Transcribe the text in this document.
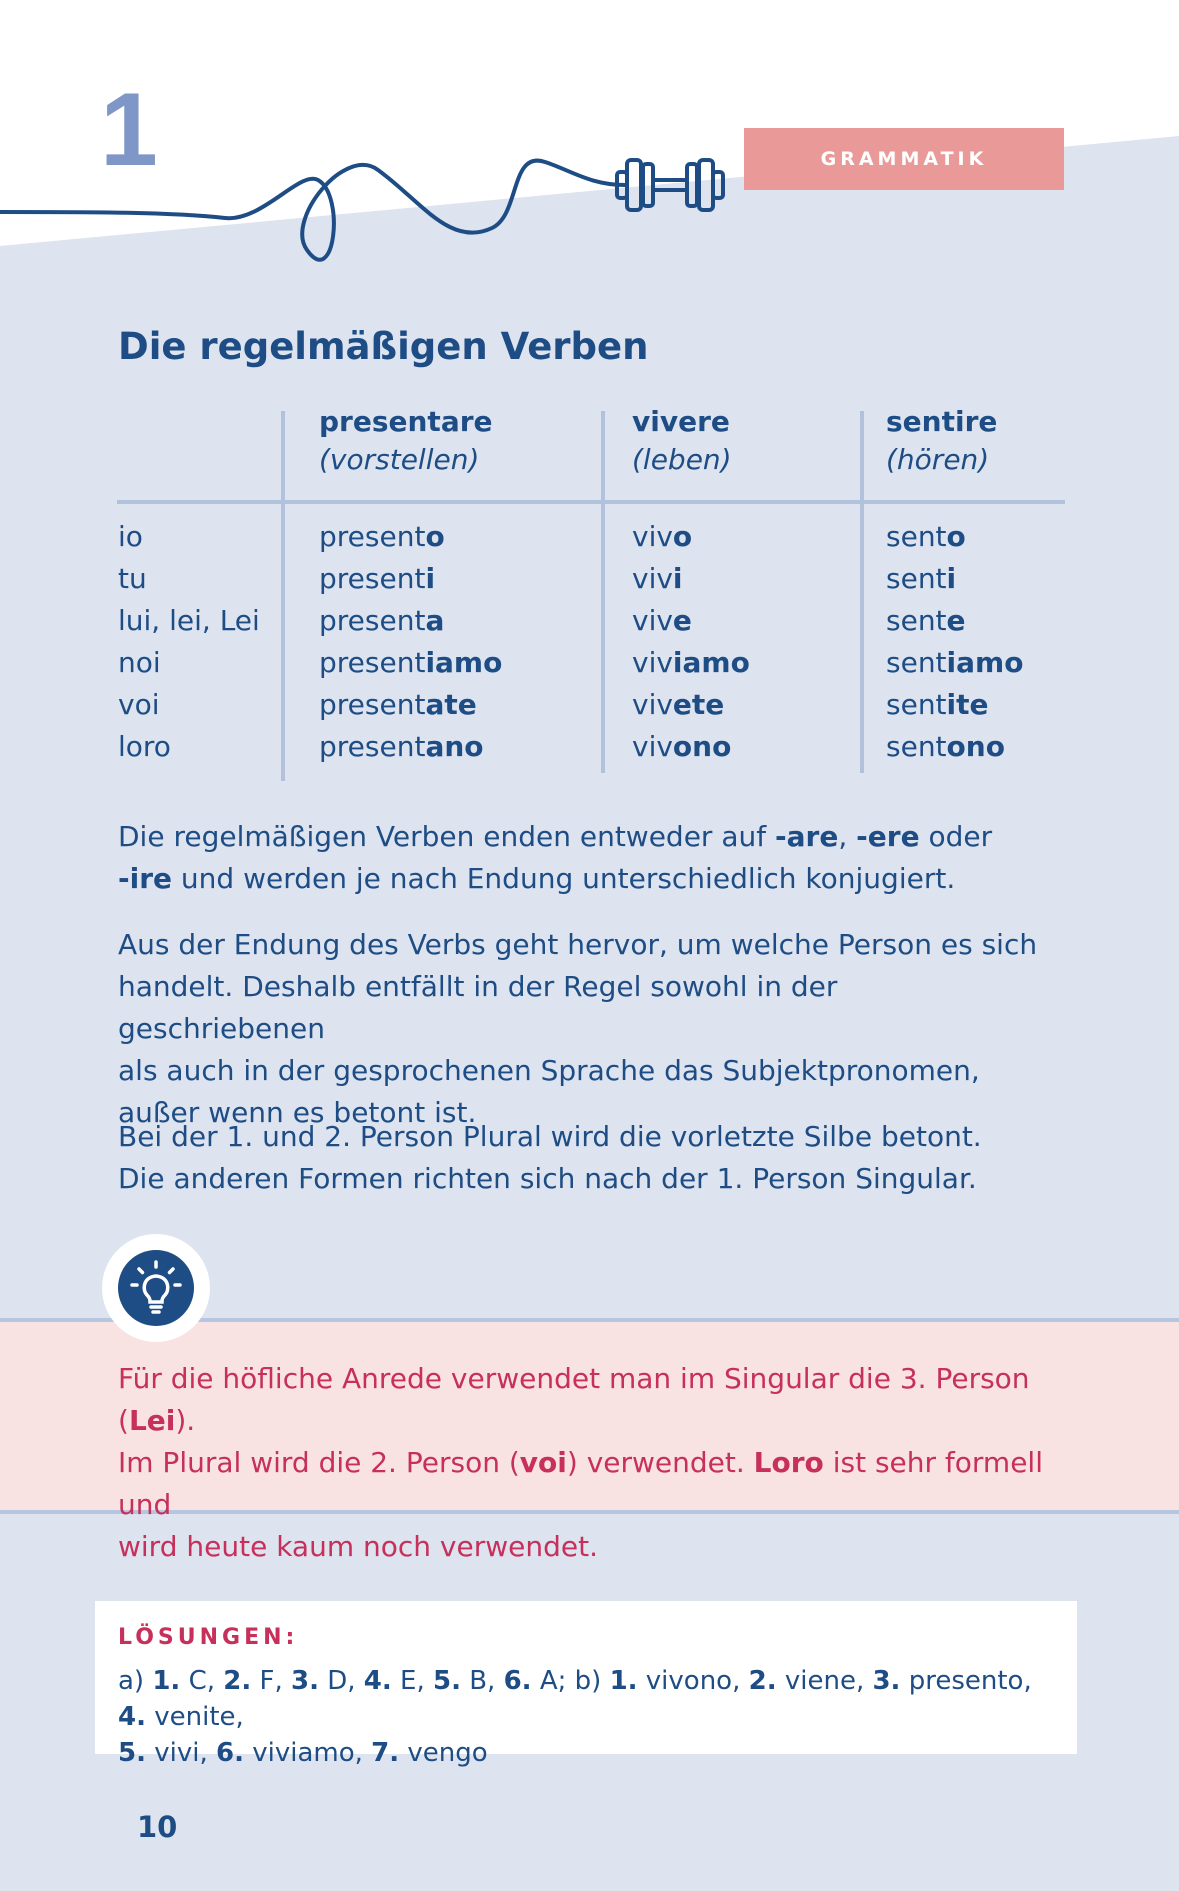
1	GRAMMATIK
Die regelmäßigen Verben
presentare
(vorstellen)
vivere
(leben)
sentire
(hören)
io
tu
lui, lei, Lei
noi
voi
loro
presento
presenti
presenta
presentiamo
presentate
presentano
vivo
vivi
vive
viviamo
vivete
vivono
sento
senti
sente
sentiamo
sentite
sentono

Die regelmäßigen Verben enden entweder auf -are, -ere oder
-ire und werden je nach Endung unterschiedlich konjugiert.

Aus der Endung des Verbs geht hervor, um welche Person es sich
handelt. Deshalb entfällt in der Regel sowohl in der geschriebenen
als auch in der gesprochenen Sprache das Subjektpronomen,
außer wenn es betont ist.

Bei der 1. und 2. Person Plural wird die vorletzte Silbe betont.
Die anderen Formen richten sich nach der 1. Person Singular.

Für die höfliche Anrede verwendet man im Singular die 3. Person (Lei).
Im Plural wird die 2. Person (voi) verwendet. Loro ist sehr formell und
wird heute kaum noch verwendet.

LÖSUNGEN:
a) 1. C, 2. F, 3. D, 4. E, 5. B, 6. A; b) 1. vivono, 2. viene, 3. presento, 4. venite,
5. vivi, 6. viviamo, 7. vengo
10
